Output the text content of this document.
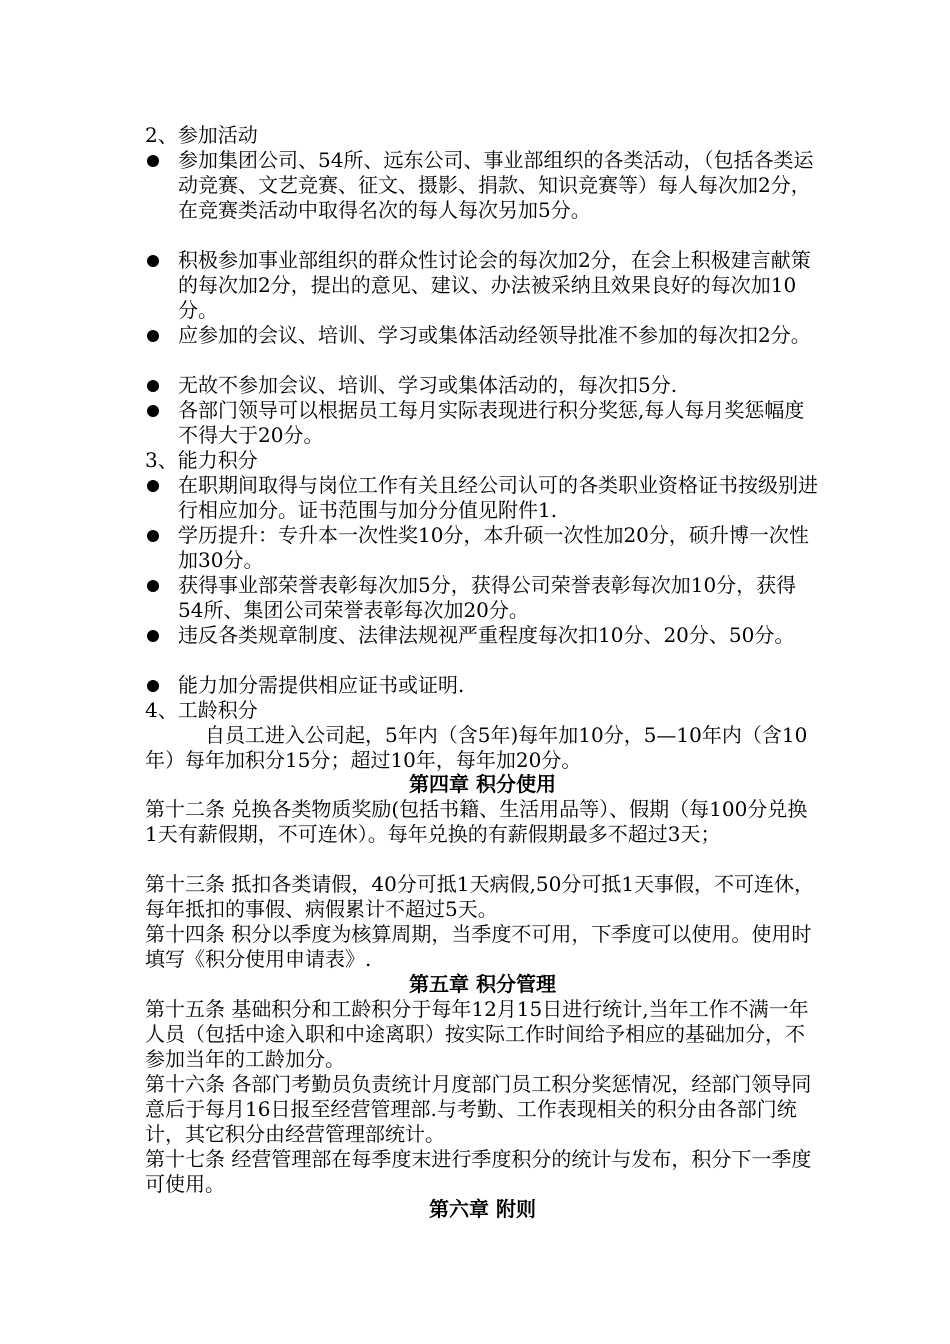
2、参加活动

参加集团公司、54所、远东公司、事业部组织的各类活动，（包括各类运动竞赛、文艺竞赛、征文、摄影、捐款、知识竞赛等）每人每次加2分，在竞赛类活动中取得名次的每人每次另加5分。

积极参加事业部组织的群众性讨论会的每次加2分，在会上积极建言献策的每次加2分，提出的意见、建议、办法被采纳且效果良好的每次加10分。

应参加的会议、培训、学习或集体活动经领导批准不参加的每次扣2分。

无故不参加会议、培训、学习或集体活动的，每次扣5分.

各部门领导可以根据员工每月实际表现进行积分奖惩,每人每月奖惩幅度不得大于20分。

3、能力积分

在职期间取得与岗位工作有关且经公司认可的各类职业资格证书按级别进行相应加分。证书范围与加分分值见附件1.

学历提升：专升本一次性奖10分，本升硕一次性加20分，硕升博一次性加30分。

获得事业部荣誉表彰每次加5分，获得公司荣誉表彰每次加10分，获得54所、集团公司荣誉表彰每次加20分。

违反各类规章制度、法律法规视严重程度每次扣10分、20分、50分。

能力加分需提供相应证书或证明.

4、工龄积分

自员工进入公司起，5年内（含5年)每年加10分，5—10年内（含10年）每年加积分15分；超过10年，每年加20分。

第四章 积分使用

第十二条 兑换各类物质奖励(包括书籍、生活用品等）、假期（每100分兑换1天有薪假期，不可连休）。每年兑换的有薪假期最多不超过3天；

第十三条 抵扣各类请假，40分可抵1天病假,50分可抵1天事假，不可连休，每年抵扣的事假、病假累计不超过5天。

第十四条 积分以季度为核算周期，当季度不可用，下季度可以使用。使用时填写《积分使用申请表》.

第五章 积分管理

第十五条 基础积分和工龄积分于每年12月15日进行统计,当年工作不满一年人员（包括中途入职和中途离职）按实际工作时间给予相应的基础加分，不参加当年的工龄加分。

第十六条 各部门考勤员负责统计月度部门员工积分奖惩情况，经部门领导同意后于每月16日报至经营管理部.与考勤、工作表现相关的积分由各部门统计，其它积分由经营管理部统计。

第十七条 经营管理部在每季度末进行季度积分的统计与发布，积分下一季度可使用。

第六章 附则
